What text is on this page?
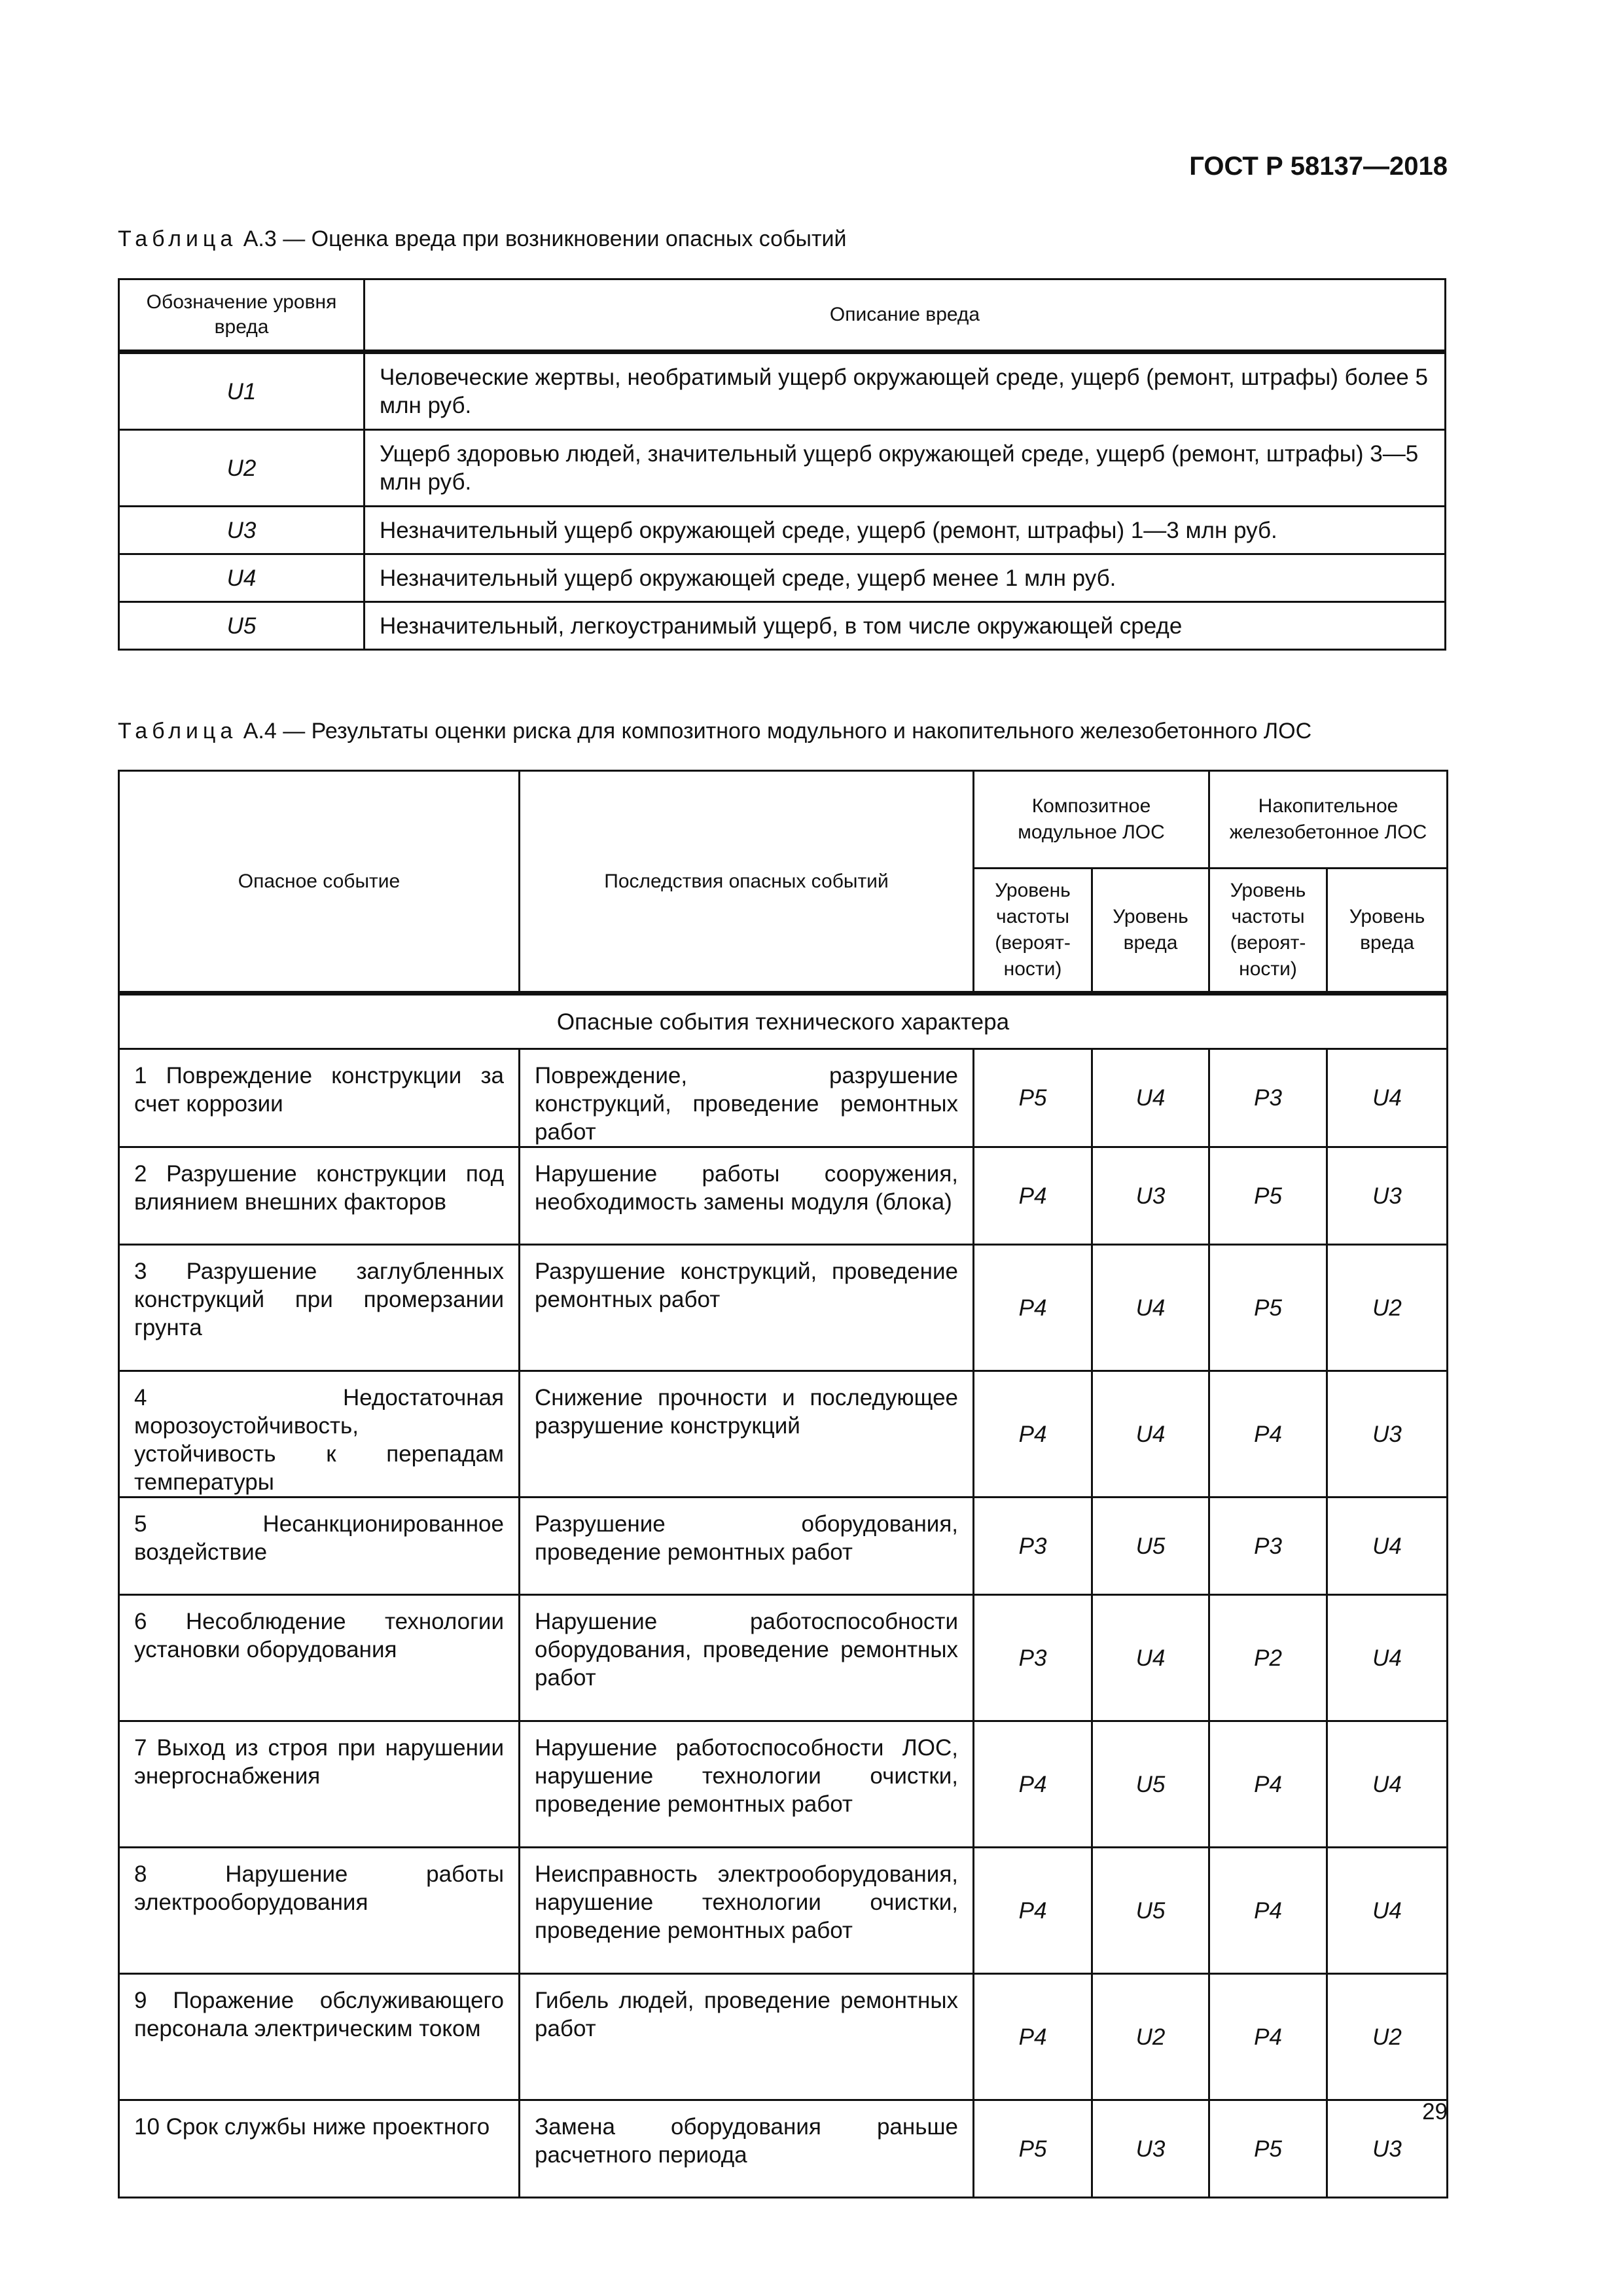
ГОСТ Р 58137—2018
Таблица А.3 — Оценка вреда при возникновении опасных событий
Обозначение уровня вреда	Описание вреда
U1	Человеческие жертвы, необратимый ущерб окружающей среде, ущерб (ремонт, штрафы) более 5 млн руб.
U2	Ущерб здоровью людей, значительный ущерб окружающей среде, ущерб (ремонт, штрафы) 3—5 млн руб.
U3	Незначительный ущерб окружающей среде, ущерб (ремонт, штрафы) 1—3 млн руб.
U4	Незначительный ущерб окружающей среде, ущерб менее 1 млн руб.
U5	Незначительный, легкоустранимый ущерб, в том числе окружающей среде
Таблица А.4 — Результаты оценки риска для композитного модульного и накопительного железобетонного ЛОС
Опасное событие	Последствия опасных событий	Композитное модульное ЛОС		Накопительное железобетонное ЛОС	
		Уровень частоты (вероят-ности)	Уровень вреда	Уровень частоты (вероят-ности)	Уровень вреда
Опасные события технического характера					
1 Повреждение конструкции за счет коррозии	Повреждение, разрушение конструкций, проведение ремонтных работ	P5	U4	P3	U4
2 Разрушение конструкции под влиянием внешних факторов	Нарушение работы сооружения, необходимость замены модуля (блока)	P4	U3	P5	U3
3 Разрушение заглубленных конструкций при промерзании грунта	Разрушение конструкций, проведение ремонтных работ	P4	U4	P5	U2
4 Недостаточная морозоустойчивость, устойчивость к перепадам температуры	Снижение прочности и последующее разрушение конструкций	P4	U4	P4	U3
5 Несанкционированное воздействие	Разрушение оборудования, проведение ремонтных работ	P3	U5	P3	U4
6 Несоблюдение технологии установки оборудования	Нарушение работоспособности оборудования, проведение ремонтных работ	P3	U4	P2	U4
7 Выход из строя при нарушении энергоснабжения	Нарушение работоспособности ЛОС, нарушение технологии очистки, проведение ремонтных работ	P4	U5	P4	U4
8 Нарушение работы электрооборудования	Неисправность электрооборудования, нарушение технологии очистки, проведение ремонтных работ	P4	U5	P4	U4
9 Поражение обслуживающего персонала электрическим током	Гибель людей, проведение ремонтных работ	P4	U2	P4	U2
10 Срок службы ниже проектного	Замена оборудования раньше расчетного периода	P5	U3	P5	U3
29
